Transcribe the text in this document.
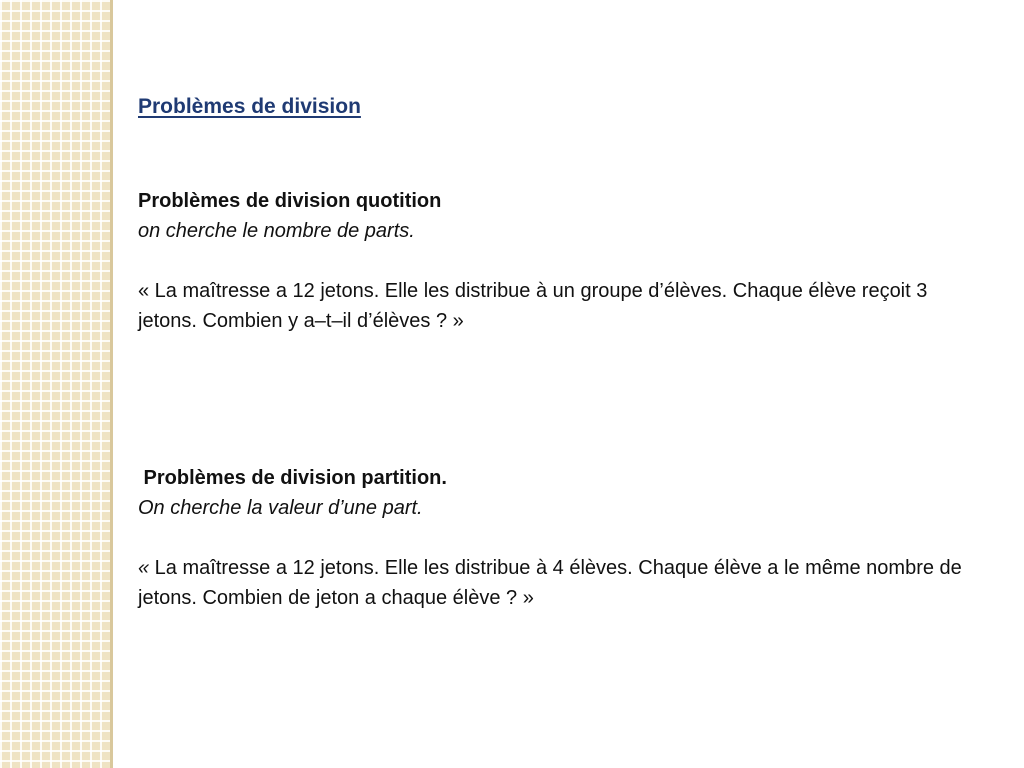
Problèmes de division
Problèmes de division quotition
on cherche le nombre de parts.
« La maîtresse a 12 jetons. Elle les distribue à un groupe d’élèves. Chaque élève reçoit 3 jetons. Combien y a–t–il d’élèves ? »
Problèmes de division partition.
On cherche la valeur d’une part.
« La maîtresse a 12 jetons. Elle les distribue à 4 élèves. Chaque élève a le même nombre de jetons. Combien de jeton a chaque élève ? »
